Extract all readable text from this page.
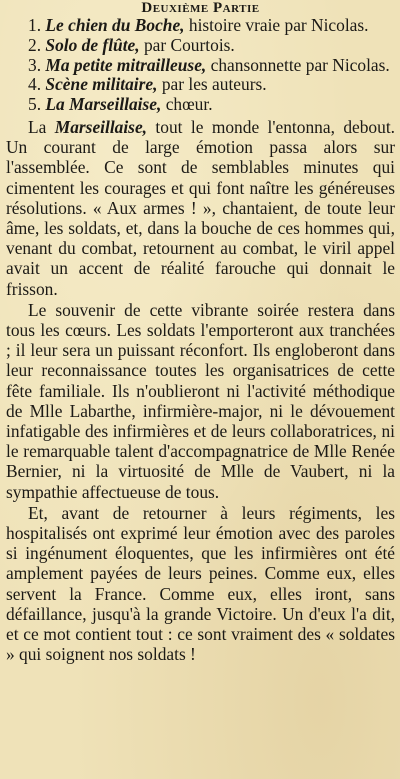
Deuxième Partie
1. Le chien du Boche, histoire vraie par Nicolas.
2. Solo de flûte, par Courtois.
3. Ma petite mitrailleuse, chansonnette par Nicolas.
4. Scène militaire, par les auteurs.
5. La Marseillaise, chœur.

La Marseillaise, tout le monde l'entonna, debout. Un courant de large émotion passa alors sur l'assemblée. Ce sont de semblables minutes qui cimentent les courages et qui font naître les généreuses résolutions. « Aux armes ! », chantaient, de toute leur âme, les soldats, et, dans la bouche de ces hommes qui, venant du combat, retournent au combat, le viril appel avait un accent de réalité farouche qui donnait le frisson.

Le souvenir de cette vibrante soirée restera dans tous les cœurs. Les soldats l'emporteront aux tranchées ; il leur sera un puissant réconfort. Ils engloberont dans leur reconnaissance toutes les organisatrices de cette fête familiale. Ils n'oublieront ni l'activité méthodique de Mlle Labarthe, infirmière-major, ni le dévouement infatigable des infirmières et de leurs collaboratrices, ni le remarquable talent d'accompagnatrice de Mlle Renée Bernier, ni la virtuosité de Mlle de Vaubert, ni la sympathie affectueuse de tous.

Et, avant de retourner à leurs régiments, les hospitalisés ont exprimé leur émotion avec des paroles si ingénument éloquentes, que les infirmières ont été amplement payées de leurs peines. Comme eux, elles servent la France. Comme eux, elles iront, sans défaillance, jusqu'à la grande Victoire. Un d'eux l'a dit, et ce mot contient tout : ce sont vraiment des « soldates » qui soignent nos soldats !
